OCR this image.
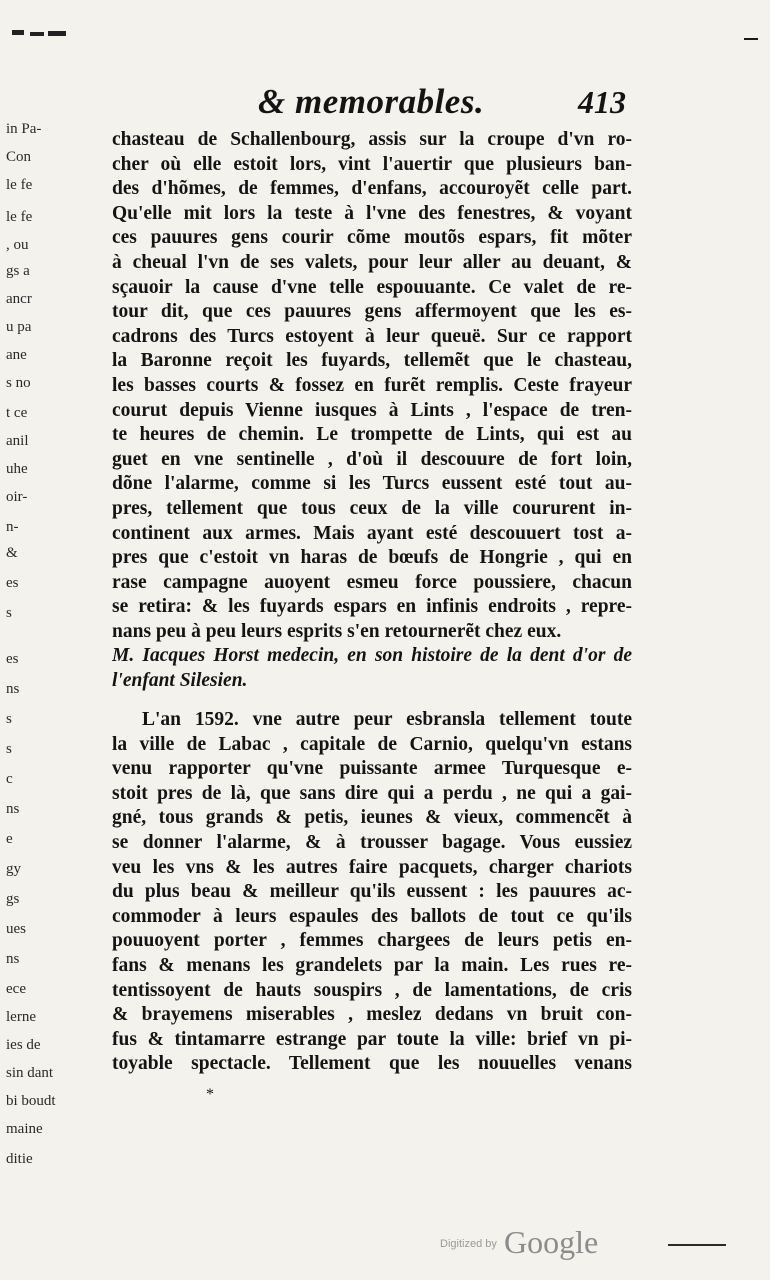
in Pa-
Con
le fe
le fe
, ou
gs a
ancr
u pa
ane
s no
t ce
anil
uhe
oir-
n-
&
es
s
es
ns
s
s
c
ns
e
gy
gs
ues
ns
ece
lerne
ies de
sin dant
bi boudt
maine
ditie
& memorables.	413
chasteau de Schallenbourg, assis sur la croupe d'vn ro-
cher où elle estoit lors, vint l'auertir que plusieurs ban-
des d'hõmes, de femmes, d'enfans, accouroyẽt celle part.
Qu'elle mit lors la teste à l'vne des fenestres, & voyant
ces pauures gens courir cõme moutõs espars, fit mõter
à cheual l'vn de ses valets, pour leur aller au deuant, &
sçauoir la cause d'vne telle espouuante. Ce valet de re-
tour dit, que ces pauures gens affermoyent que les es-
cadrons des Turcs estoyent à leur queuë. Sur ce rapport
la Baronne reçoit les fuyards, tellemẽt que le chasteau,
les basses courts & fossez en furẽt remplis. Ceste frayeur
courut depuis Vienne iusques à Lints , l'espace de tren-
te heures de chemin. Le trompette de Lints, qui est au
guet en vne sentinelle , d'où il descouure de fort loin,
dõne l'alarme, comme si les Turcs eussent esté tout au-
pres, tellement que tous ceux de la ville coururent in-
continent aux armes. Mais ayant esté descouuert tost a-
pres que c'estoit vn haras de bœufs de Hongrie , qui en
rase campagne auoyent esmeu force poussiere, chacun
se retira: & les fuyards espars en infinis endroits , repre-
nans peu à peu leurs esprits s'en retournerẽt chez eux.
M. Iacques Horst medecin, en son histoire de la dent d'or de
l'enfant Silesien.
L'an 1592. vne autre peur esbransla tellement toute
la ville de Labac , capitale de Carnio, quelqu'vn estans
venu rapporter qu'vne puissante armee Turquesque e-
stoit pres de là, que sans dire qui a perdu , ne qui a gai-
gné, tous grands & petis, ieunes & vieux, commencẽt à
se donner l'alarme, & à trousser bagage. Vous eussiez
veu les vns & les autres faire pacquets, charger chariots
du plus beau & meilleur qu'ils eussent : les pauures ac-
commoder à leurs espaules des ballots de tout ce qu'ils
pouuoyent porter , femmes chargees de leurs petis en-
fans & menans les grandelets par la main. Les rues re-
tentissoyent de hauts souspirs , de lamentations, de cris
& brayemens miserables , meslez dedans vn bruit con-
fus & tintamarre estrange par toute la ville: brief vn pi-
toyable spectacle. Tellement que les nouuelles venans
*
Digitized by Google
